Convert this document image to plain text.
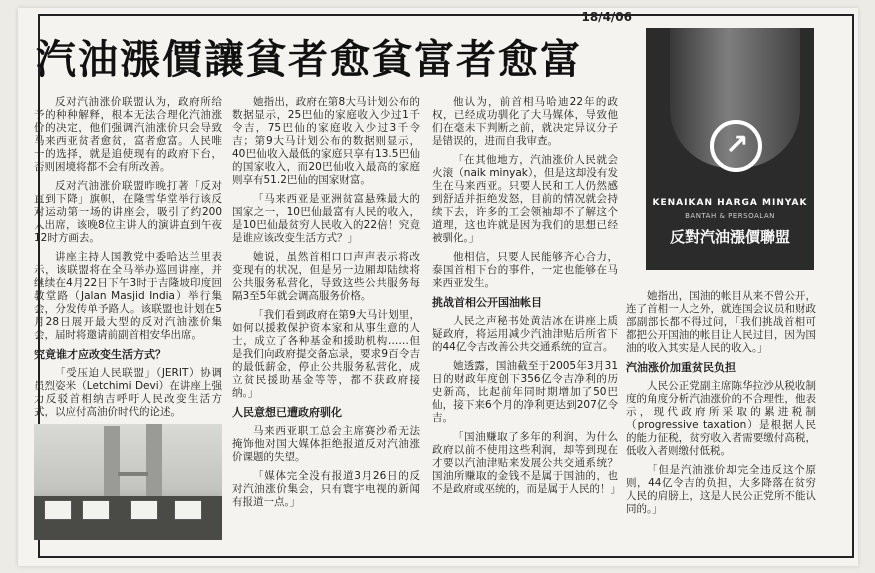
18/4/06
汽油漲價讓貧者愈貧富者愈富

反对汽油涨价联盟认为，政府所给予的种种解释，根本无法合理化汽油涨价的决定，他们强调汽油涨价只会导致马来西亚贫者愈贫，富者愈富。人民唯一的选择，就是追使现有的政府下台，否则困境将都不会有所改善。

反对汽油涨价联盟昨晚打著「反对直到下降」旗帜，在隆雪华堂举行该反对运动第一场的讲座会，吸引了约200人出席，该晚8位主讲人的演讲直到午夜12时方画去。

讲座主持人国教党中委哈达兰里表示，该联盟将在全马举办巡回讲座，并继续在4月22日下午3时于吉隆坡印度回教堂路（Jalan Masjid India）举行集会，分发传单予路人。该联盟也计划在5月28日展开最大型的反对汽油涨价集会，届时将邀请前副首相安华出席。

究竟谁才应改变生活方式？

「受压迫人民联盟」（JERIT）协调员烈姿米（Letchimi Devi）在讲座上强力反驳首相纳吉呼吁人民改变生活方式，以应付高油价时代的论述。

她指出，政府在第8大马计划公布的数据显示，25巴仙的家庭收入少过1千令吉，75巴仙的家庭收入少过3千令吉；第9大马计划公布的数据则显示，40巴仙收入最低的家庭只享有13.5巴仙的国家收入，而20巴仙收入最高的家庭则享有51.2巴仙的国家财富。

「马来西亚是亚洲贫富悬殊最大的国家之一，10巴仙最富有人民的收入，是10巴仙最贫穷人民收入的22倍！究竟是谁应该改变生活方式？」

她说，虽然首相口口声声表示将改变现有的状况，但是另一边厢却陆续将公共服务私营化，导致这些公共服务每隔3至5年就会调高服务价格。

「我们看到政府在第9大马计划里，如何以援救保护资本家和从事生意的人士，成立了各种基金和援助机构……但是我们向政府提交备忘录，要求9百令吉的最低薪金，停止公共服务私营化，成立贫民援助基金等等，都不获政府接纳。」

人民意想已遭政府驯化

马来西亚职工总会主席赛沙希无法掩饰他对国大媒体拒绝报道反对汽油涨价课题的失望。

「媒体完全没有报道3月26日的反对汽油涨价集会，只有寰宇电视的新闻有报道一点。」

他认为，前首相马哈迪22年的政权，已经成功驯化了大马媒体，导致他们在毫未下判断之前，就决定异议分子是错误的，进而自我审查。

「在其他地方，汽油涨价人民就会火滚（naik minyak），但是这却没有发生在马来西亚。只要人民和工人仍然感到舒适并拒绝发怒，目前的情况就会持续下去，许多的工会领袖却不了解这个道理，这也许就是因为我们的思想已经被驯化。」

他相信，只要人民能够齐心合力，泰国首相下台的事件，一定也能够在马来西亚发生。

挑战首相公开国油帐目

人民之声秘书处黄洁冰在讲座上质疑政府，将运用减少汽油津贴后所省下的44亿令吉改善公共交通系统的宣言。

她透露，国油截至于2005年3月31日的财政年度创下356亿令吉净利的历史新高，比起前年同时期增加了50巴仙，接下来6个月的净利更达到207亿令吉。

「国油赚取了多年的利润，为什么政府以前不使用这些利润，却等到现在才要以汽油津贴来发展公共交通系统？国油所赚取的金钱不是属于国油的，也不是政府或巫统的，而是属于人民的！」

↗
KENAIKAN HARGA MINYAK
BANTAH & PERSOALAN
反對汽油漲價聯盟

她指出，国油的帐目从来不曾公开，连了首相一人之外，就连国会议员和财政部副部长都不得过问，「我们挑战首相可都把公开国油的帐目让人民过目，因为国油的收入其实是人民的收入。」

汽油涨价加重贫民负担

人民公正党副主席陈华拉沙从税收制度的角度分析汽油涨价的不合理性，他表示，现代政府所采取的累进税制（progressive taxation）是根据人民的能力征税，贫穷收入者需要缴付高税，低收入者则缴付低税。

「但是汽油涨价却完全违反这个原则，44亿令吉的负担，大多降落在贫穷人民的肩膀上，这是人民公正党所不能认同的。」
